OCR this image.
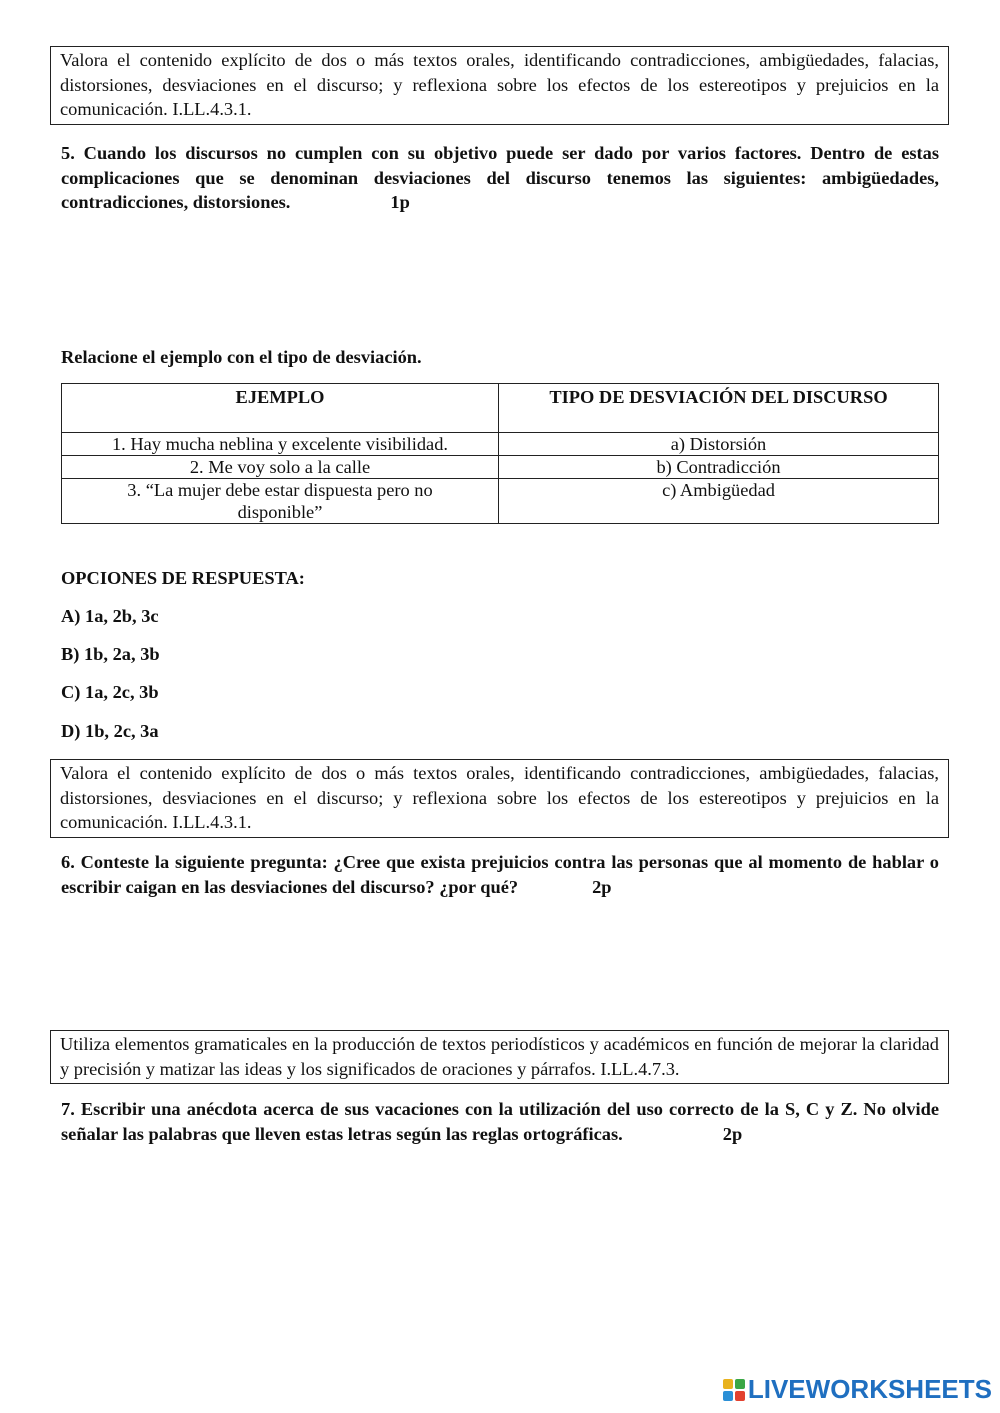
Valora el contenido explícito de dos o más textos orales, identificando contradicciones, ambigüedades, falacias, distorsiones, desviaciones en el discurso; y reflexiona sobre los efectos de los estereotipos y prejuicios en la comunicación. I.LL.4.3.1.
5. Cuando los discursos no cumplen con su objetivo puede ser dado por varios factores. Dentro de estas complicaciones que se denominan desviaciones del discurso tenemos las siguientes: ambigüedades, contradicciones, distorsiones.	1p
Relacione el ejemplo con el tipo de desviación.
EJEMPLO	TIPO DE DESVIACIÓN DEL DISCURSO
1. Hay mucha neblina y excelente visibilidad.	a) Distorsión
2. Me voy solo a la calle	b) Contradicción
3. “La mujer debe estar dispuesta pero no disponible”	c) Ambigüedad
OPCIONES DE RESPUESTA:
A) 1a, 2b, 3c
B) 1b, 2a, 3b
C) 1a, 2c, 3b
D) 1b, 2c, 3a
Valora el contenido explícito de dos o más textos orales, identificando contradicciones, ambigüedades, falacias, distorsiones, desviaciones en el discurso; y reflexiona sobre los efectos de los estereotipos y prejuicios en la comunicación. I.LL.4.3.1.
6. Conteste la siguiente pregunta: ¿Cree que exista prejuicios contra las personas que al momento de hablar o escribir caigan en las desviaciones del discurso? ¿por qué?	2p
Utiliza elementos gramaticales en la producción de textos periodísticos y académicos en función de mejorar la claridad y precisión y matizar las ideas y los significados de oraciones y párrafos. I.LL.4.7.3.
7. Escribir una anécdota acerca de sus vacaciones con la utilización del uso correcto de la S, C y Z. No olvide señalar las palabras que lleven estas letras según las reglas ortográficas.	2p
LIVEWORKSHEETS
